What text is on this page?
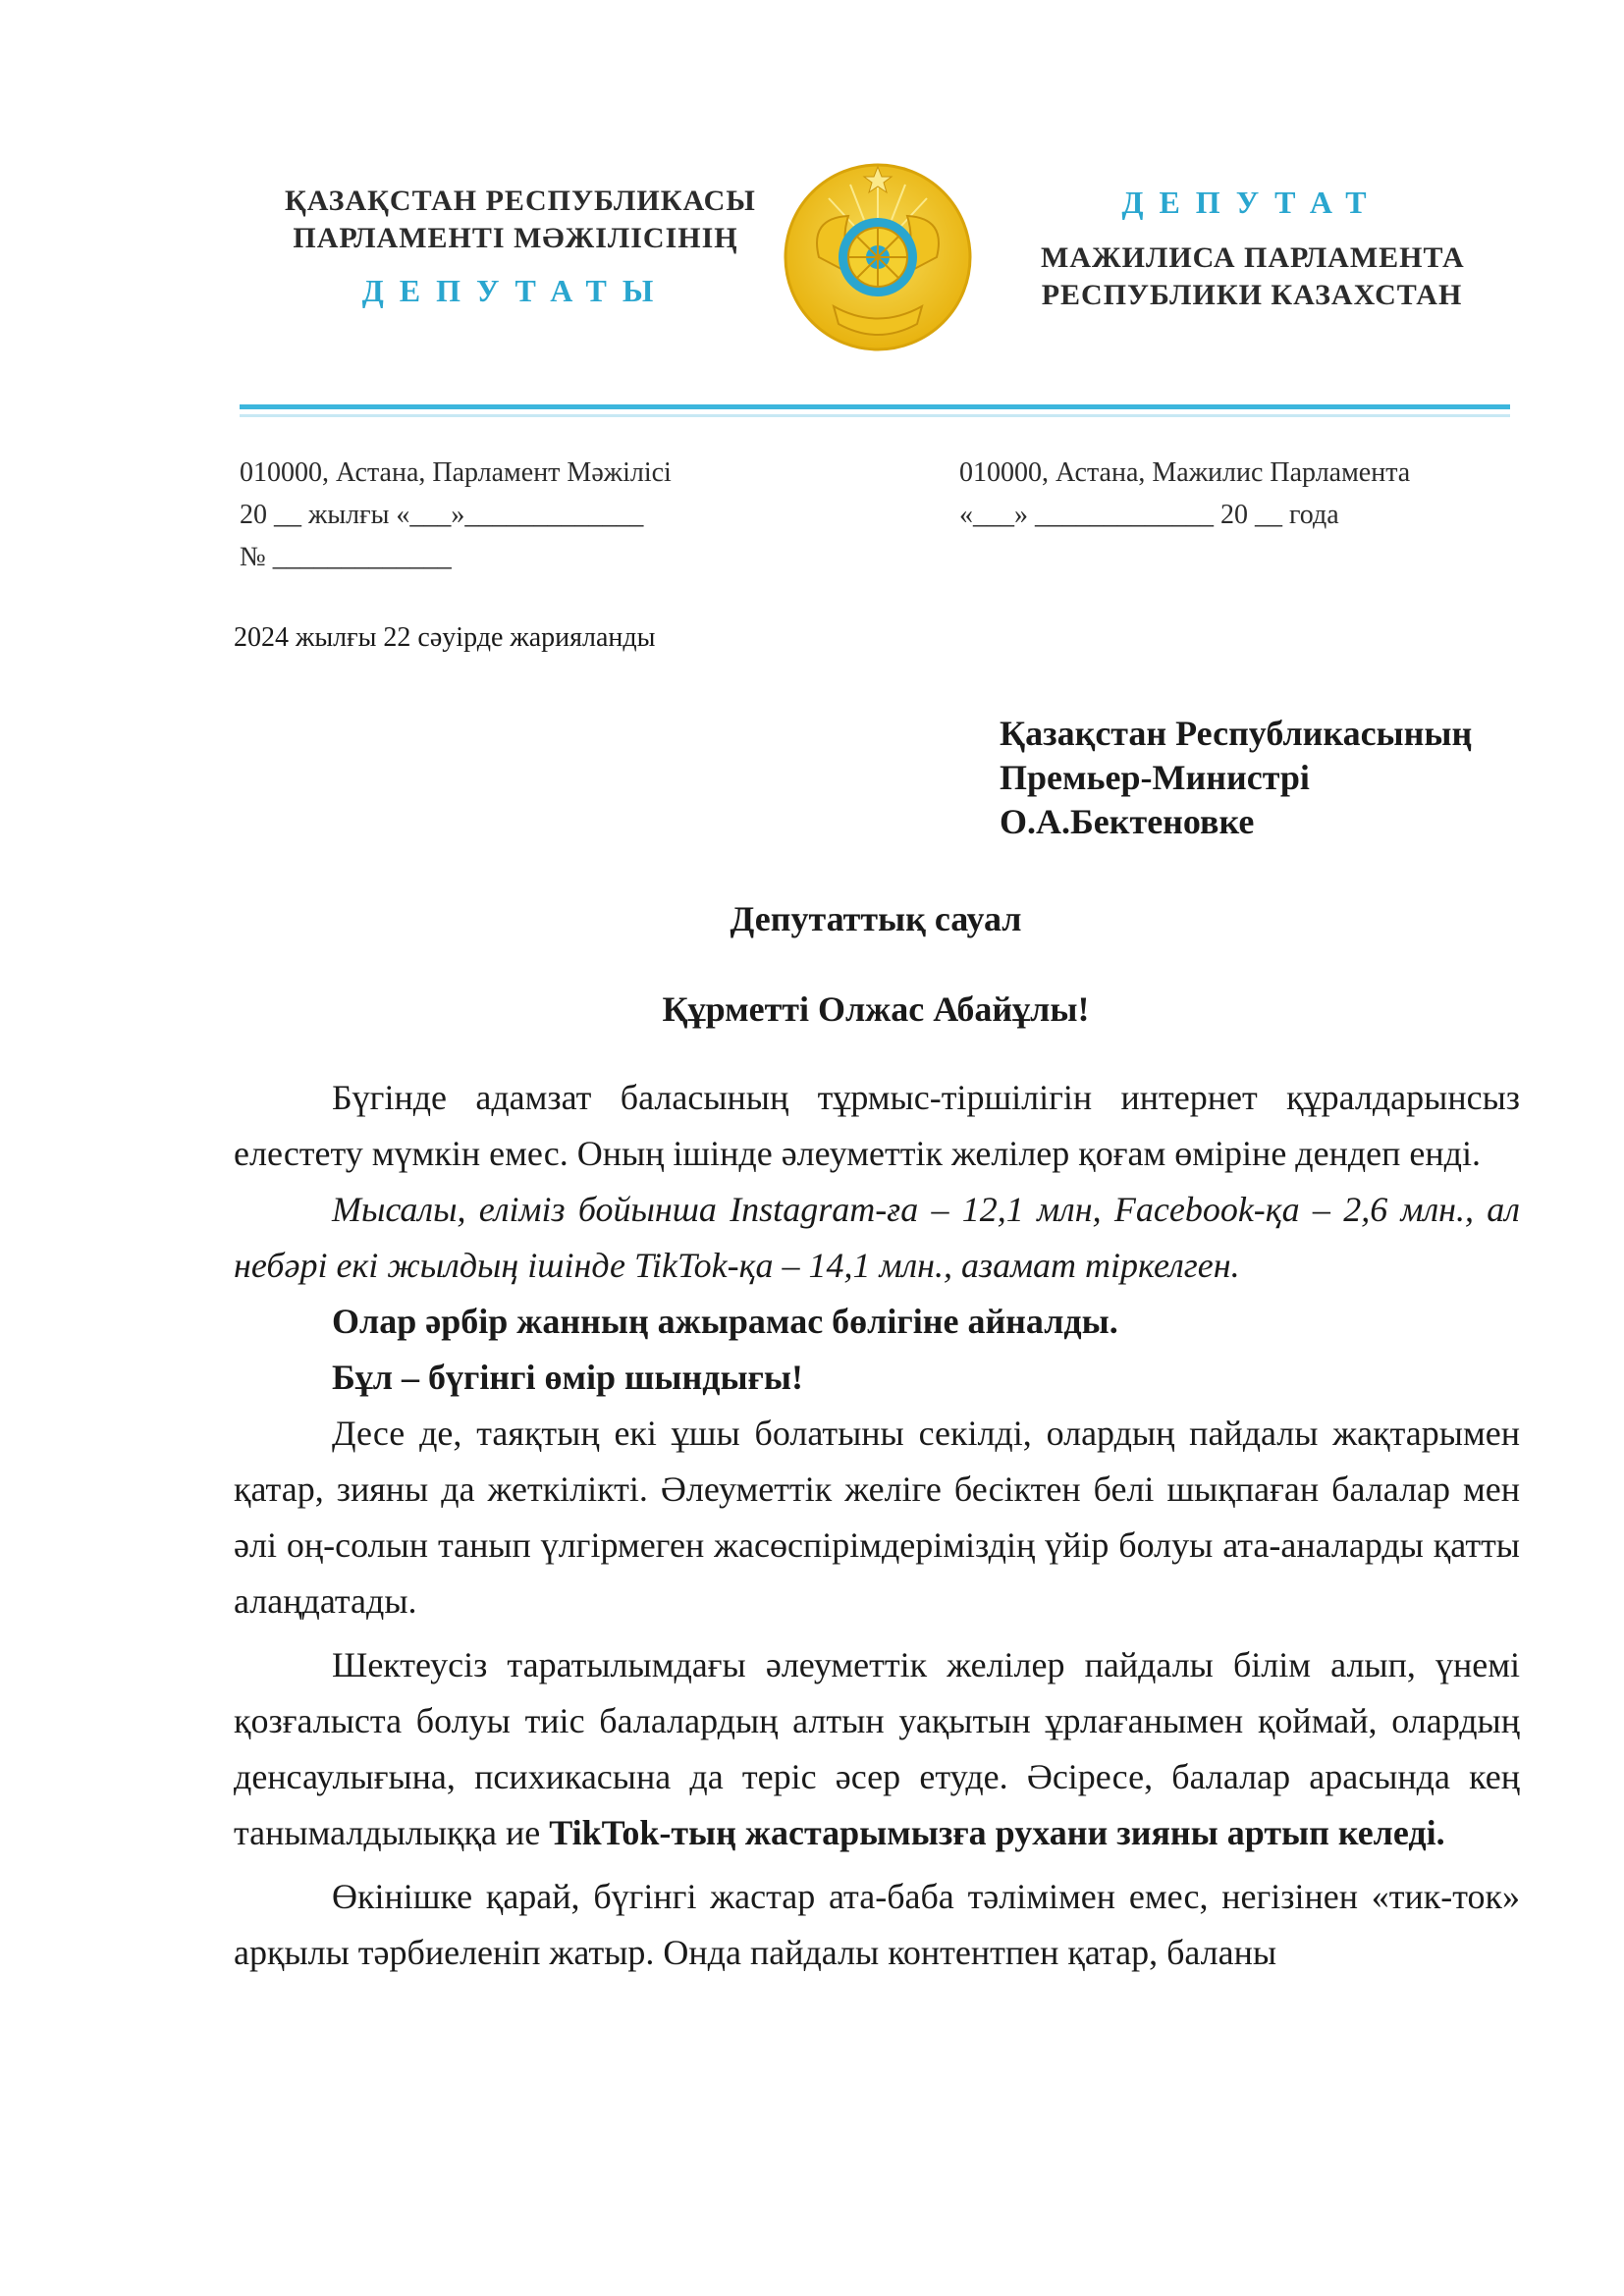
ҚАЗАҚСТАН РЕСПУБЛИКАСЫ
ПАРЛАМЕНТІ МӘЖІЛІСІНІҢ
ДЕПУТАТЫ
ДЕПУТАТ
МАЖИЛИСА ПАРЛАМЕНТА
РЕСПУБЛИКИ КАЗАХСТАН
010000, Астана, Парламент Мәжілісі
20 __ жылғы «___»_____________
№ _____________
010000, Астана, Мажилис Парламента
«___» _____________ 20 __ года
2024 жылғы 22 сәуірде жарияланды
Қазақстан Республикасының
Премьер-Министрі
О.А.Бектеновке
Депутаттық сауал
Құрметті Олжас Абайұлы!

Бүгінде адамзат баласының тұрмыс-тіршілігін интернет құралдарынсыз елестету мүмкін емес. Оның ішінде әлеуметтік желілер қоғам өміріне дендеп енді.

Мысалы, еліміз бойынша Instagram-ға – 12,1 млн, Facebook-қа – 2,6 млн., ал небәрі екі жылдың ішінде TikTok-қа – 14,1 млн., азамат тіркелген.

Олар әрбір жанның ажырамас бөлігіне айналды.

Бұл – бүгінгі өмір шындығы!

Десе де, таяқтың екі ұшы болатыны секілді, олардың пайдалы жақтарымен қатар, зияны да жеткілікті. Әлеуметтік желіге бесіктен белі шықпаған балалар мен әлі оң-солын танып үлгірмеген жасөспірімдеріміздің үйір болуы ата-аналарды қатты алаңдатады.

Шектеусіз таратылымдағы әлеуметтік желілер пайдалы білім алып, үнемі қозғалыста болуы тиіс балалардың алтын уақытын ұрлағанымен қоймай, олардың денсаулығына, психикасына да теріс әсер етуде. Әсіресе, балалар арасында кең танымалдылыққа ие TikTok-тың жастарымызға рухани зияны артып келеді.

Өкінішке қарай, бүгінгі жастар ата-баба тәлімімен емес, негізінен «тик-ток» арқылы тәрбиеленіп жатыр. Онда пайдалы контентпен қатар, баланы
